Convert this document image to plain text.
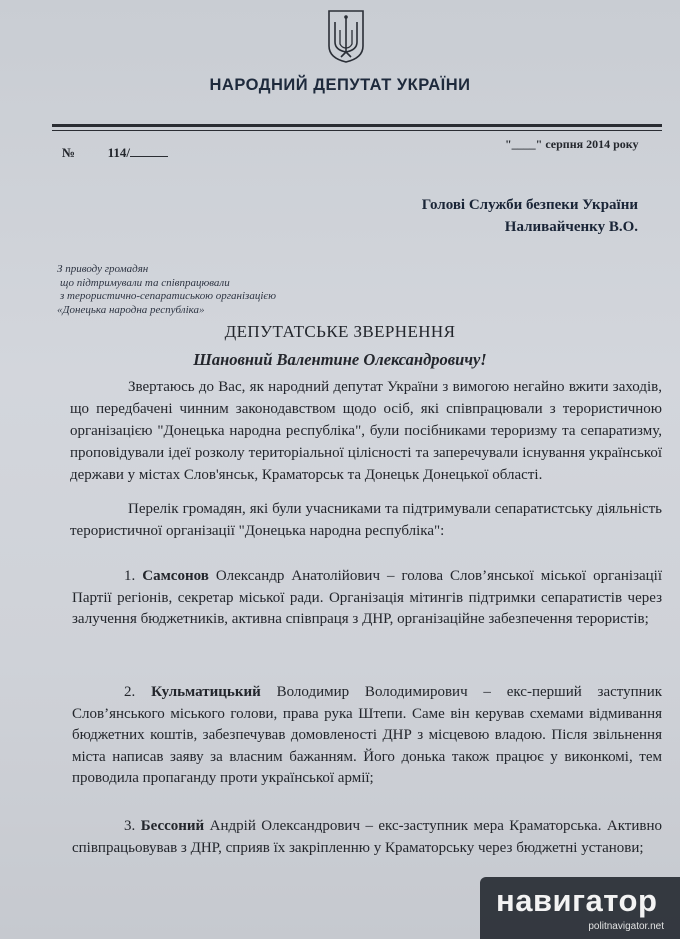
НАРОДНИЙ ДЕПУТАТ УКРАЇНИ
№	114/
"____" серпня 2014 року
Голові Служби безпеки України
Наливайченку В.О.
З приводу громадян
що підтримували та співпрацювали
з терористично-сепаратиською організацією
«Донецька народна республіка»
ДЕПУТАТСЬКЕ ЗВЕРНЕННЯ
Шановний Валентине Олександровичу!
Звертаюсь до Вас, як народний депутат України з вимогою негайно вжити заходів, що передбачені чинним законодавством щодо осіб, які співпрацювали з терористичною організацією "Донецька народна республіка", були посібниками тероризму та сепаратизму, проповідували ідеї розколу територіальної цілісності та заперечували існування української держави у містах Слов'янськ, Краматорськ та Донецьк Донецької області.
Перелік громадян, які були учасниками та підтримували сепаратистську діяльність терористичної організації "Донецька народна республіка":
1. Самсонов Олександр Анатолійович – голова Слов’янської міської організації Партії регіонів, секретар міської ради. Організація мітингів підтримки сепаратистів через залучення бюджетників, активна співпраця з ДНР, організаційне забезпечення терористів;
2. Кульматицький Володимир Володимирович – екс-перший заступник Слов’янського міського голови, права рука Штепи. Саме він керував схемами відмивання бюджетних коштів, забезпечував домовленості ДНР з місцевою владою. Після звільнення міста написав заяву за власним бажанням. Його донька також працює у виконкомі, тем проводила пропаганду проти української армії;
3. Бессоний Андрій Олександрович – екс-заступник мера Краматорська. Активно співпрацьовував з ДНР, сприяв їх закріпленню у Краматорську через бюджетні установи;
навигатор
politnavigator.net
